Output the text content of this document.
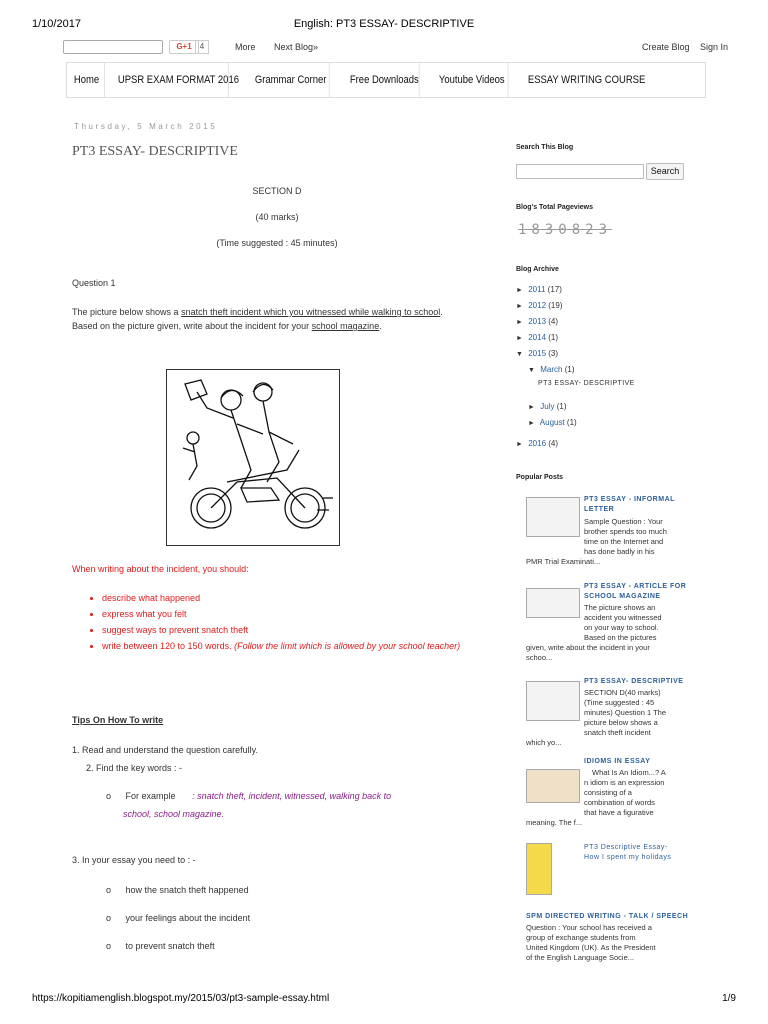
1/10/2017	English: PT3 ESSAY- DESCRIPTIVE
G+1	4	More Next Blog»	Create Blog Sign In
Home	UPSR EXAM FORMAT 2016	Grammar Corner	Free Downloads	Youtube Videos	ESSAY WRITING COURSE
Thursday, 5 March 2015
PT3 ESSAY- DESCRIPTIVE
SECTION D
(40 marks)
(Time suggested : 45 minutes)
Question 1
The picture below shows a snatch theft incident which you witnessed while walking to school.
Based on the picture given, write about the incident for your school magazine.
When writing about the incident, you should:
• describe what happened
• express what you felt
• suggest ways to prevent snatch theft
• write between 120 to 150 words. (Follow the limit which is allowed by your school teacher)
Tips On How To write
1. Read and understand the question carefully.
2. Find the key words : -
o For example : snatch theft, incident, witnessed, walking back to
school, school magazine.
3. In your essay you need to : -
o how the snatch theft happened
o your feelings about the incident
o to prevent snatch theft
Search This Blog
Search
Blog's Total Pageviews
1830823
Blog Archive
► 2011 (17)
► 2012 (19)
► 2013 (4)
► 2014 (1)
▼ 2015 (3)
▼ March (1)
PT3 ESSAY- DESCRIPTIVE
► July (1)
► August (1)
► 2016 (4)
Popular Posts
PT3 ESSAY - INFORMAL
LETTER
Sample Question : Your
brother spends too much
time on the Internet and
has done badly in his
PMR Trial Examinati...
PT3 ESSAY - ARTICLE FOR
SCHOOL MAGAZINE
The picture shows an
accident you witnessed
on your way to school.
Based on the pictures
given, write about the incident in your
schoo...
PT3 ESSAY- DESCRIPTIVE
SECTION D(40 marks)
(Time suggested : 45
minutes) Question 1 The
picture below shows a
snatch theft incident
which yo...
IDIOMS IN ESSAY
What Is An Idiom...? A
n idiom is an expression
consisting of a
combination of words
that have a figurative
meaning. The f...
PT3 Descriptive Essay-
How I spent my holidays
SPM DIRECTED WRITING - TALK / SPEECH
Question : Your school has received a
group of exchange students from
United Kingdom (UK). As the President
of the English Language Socie...
https://kopitiamenglish.blogspot.my/2015/03/pt3-sample-essay.html	1/9
